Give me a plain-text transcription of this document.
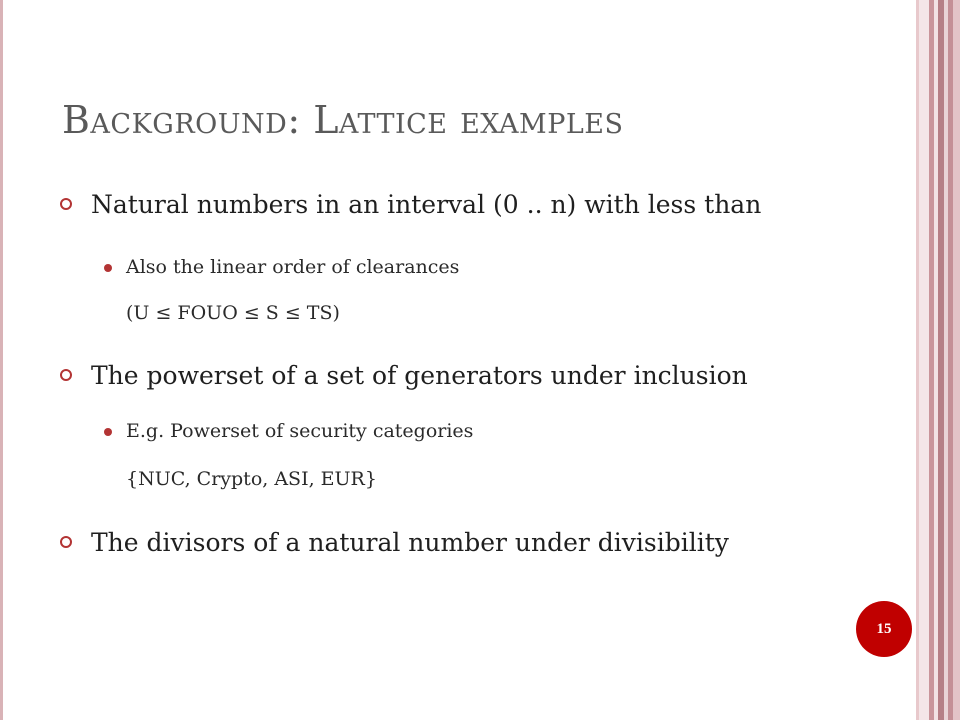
Background: Lattice examples
Natural numbers in an interval (0 .. n) with less than
Also the linear order of clearances
(U ≤ FOUO ≤ S ≤ TS)
The powerset of a set of generators under inclusion
E.g. Powerset of security categories
{NUC, Crypto, ASI, EUR}
The divisors of a natural number under divisibility
15
